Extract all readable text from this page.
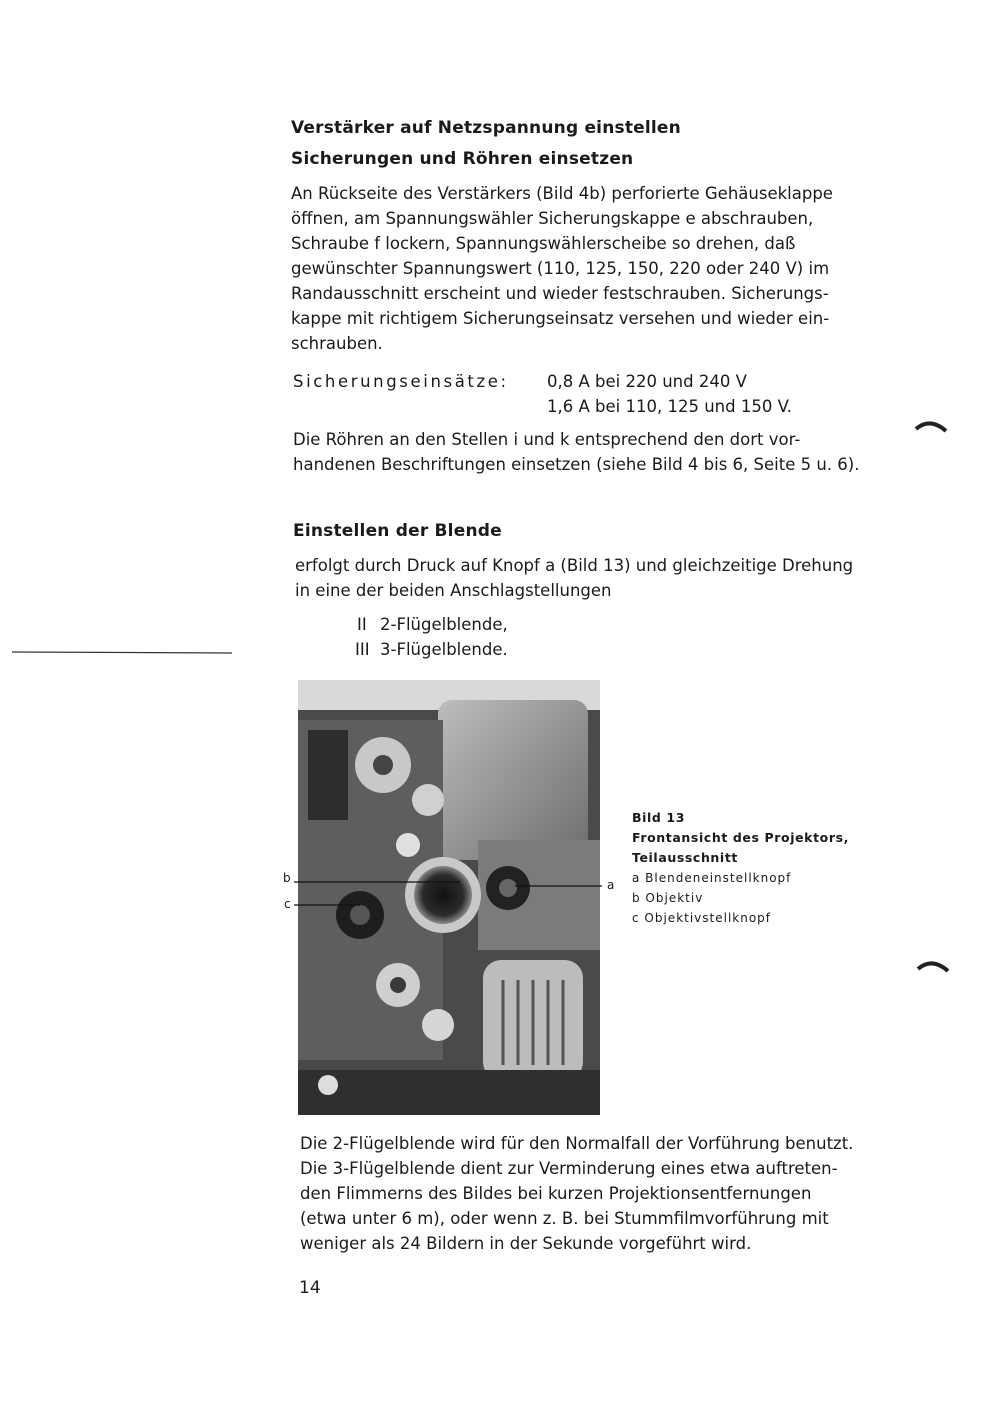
Verstärker auf Netzspannung einstellen
Sicherungen und Röhren einsetzen
An Rückseite des Verstärkers (Bild 4b) perforierte Gehäuseklappe
öffnen, am Spannungswähler Sicherungskappe e abschrauben,
Schraube f lockern, Spannungswählerscheibe so drehen, daß
gewünschter Spannungswert (110, 125, 150, 220 oder 240 V) im
Randausschnitt erscheint und wieder festschrauben. Sicherungs-
kappe mit richtigem Sicherungseinsatz versehen und wieder ein-
schrauben.
Sicherungseinsätze: 0,8 A bei 220 und 240 V
1,6 A bei 110, 125 und 150 V.
Die Röhren an den Stellen i und k entsprechend den dort vor-
handenen Beschriftungen einsetzen (siehe Bild 4 bis 6, Seite 5 u. 6).
Einstellen der Blende
erfolgt durch Druck auf Knopf a (Bild 13) und gleichzeitige Drehung
in eine der beiden Anschlagstellungen
II 2-Flügelblende,
III 3-Flügelblende.
b
c
a
Bild 13
Frontansicht des Projektors,
Teilausschnitt
a Blendeneinstellknopf
b Objektiv
c Objektivstellknopf
Die 2-Flügelblende wird für den Normalfall der Vorführung benutzt.
Die 3-Flügelblende dient zur Verminderung eines etwa auftreten-
den Flimmerns des Bildes bei kurzen Projektionsentfernungen
(etwa unter 6 m), oder wenn z. B. bei Stummfilmvorführung mit
weniger als 24 Bildern in der Sekunde vorgeführt wird.
14
